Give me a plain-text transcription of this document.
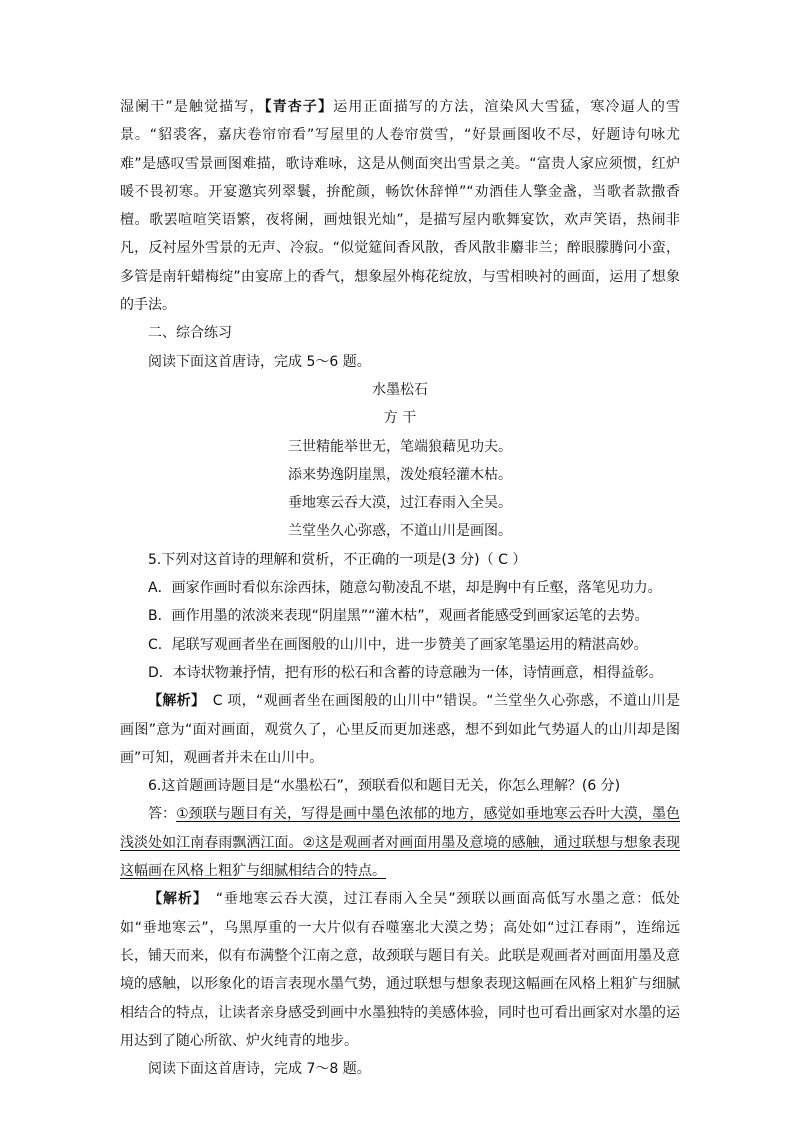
湿阑干”是触觉描写，【青杏子】运用正面描写的方法，渲染风大雪猛，寒冷逼人的雪景。“貂裘客，嘉庆卷帘帘看”写屋里的人卷帘赏雪，“好景画图收不尽，好题诗句咏尤难”是感叹雪景画图难描，歌诗难咏，这是从侧面突出雪景之美。“富贵人家应须惯，红炉暖不畏初寒。开宴邀宾列翠鬟，拚酡颜，畅饮休辞惮”“劝酒佳人擎金盏，当歌者款撒香檀。歌罢喧喧笑语繁，夜将阑，画烛银光灿”，是描写屋内歌舞宴饮，欢声笑语，热闹非凡，反衬屋外雪景的无声、冷寂。“似觉筵间香风散，香风散非麝非兰；醉眼朦腾问小蛮，多管是南轩蜡梅绽”由宴席上的香气，想象屋外梅花绽放，与雪相映衬的画面，运用了想象的手法。

二、综合练习

阅读下面这首唐诗，完成 5～6 题。

水墨松石

方 干

三世精能举世无，笔端狼藉见功夫。

添来势逸阴崖黑，泼处痕轻灌木枯。

垂地寒云吞大漠，过江春雨入全吴。

兰堂坐久心弥惑，不道山川是画图。

5.下列对这首诗的理解和赏析，不正确的一项是(3 分)（ C ）

A．画家作画时看似东涂西抹，随意勾勒凌乱不堪，却是胸中有丘壑，落笔见功力。

B．画作用墨的浓淡来表现“阴崖黑”“灌木枯”，观画者能感受到画家运笔的去势。

C．尾联写观画者坐在画图般的山川中，进一步赞美了画家笔墨运用的精湛高妙。

D．本诗状物兼抒情，把有形的松石和含蓄的诗意融为一体，诗情画意，相得益彰。

【解析】　C 项，“观画者坐在画图般的山川中”错误。“兰堂坐久心弥惑，不道山川是画图”意为“面对画面，观赏久了，心里反而更加迷惑，想不到如此气势逼人的山川却是图画”可知，观画者并未在山川中。

6.这首题画诗题目是“水墨松石”，颈联看似和题目无关，你怎么理解？(6 分)

答：①颈联与题目有关，写得是画中墨色浓郁的地方，感觉如垂地寒云吞叶大漠，墨色浅淡处如江南春雨飘洒江面。②这是观画者对画面用墨及意境的感触，通过联想与想象表现这幅画在风格上粗犷与细腻相结合的特点。

【解析】　“垂地寒云吞大漠，过江春雨入全吴”颈联以画面高低写水墨之意：低处如“垂地寒云”，乌黑厚重的一大片似有吞噬塞北大漠之势；高处如“过江春雨”，连绵远长，铺天而来，似有布满整个江南之意，故颈联与题目有关。此联是观画者对画面用墨及意境的感触，以形象化的语言表现水墨气势，通过联想与想象表现这幅画在风格上粗犷与细腻相结合的特点，让读者亲身感受到画中水墨独特的美感体验，同时也可看出画家对水墨的运用达到了随心所欲、炉火纯青的地步。

阅读下面这首唐诗，完成 7～8 题。
